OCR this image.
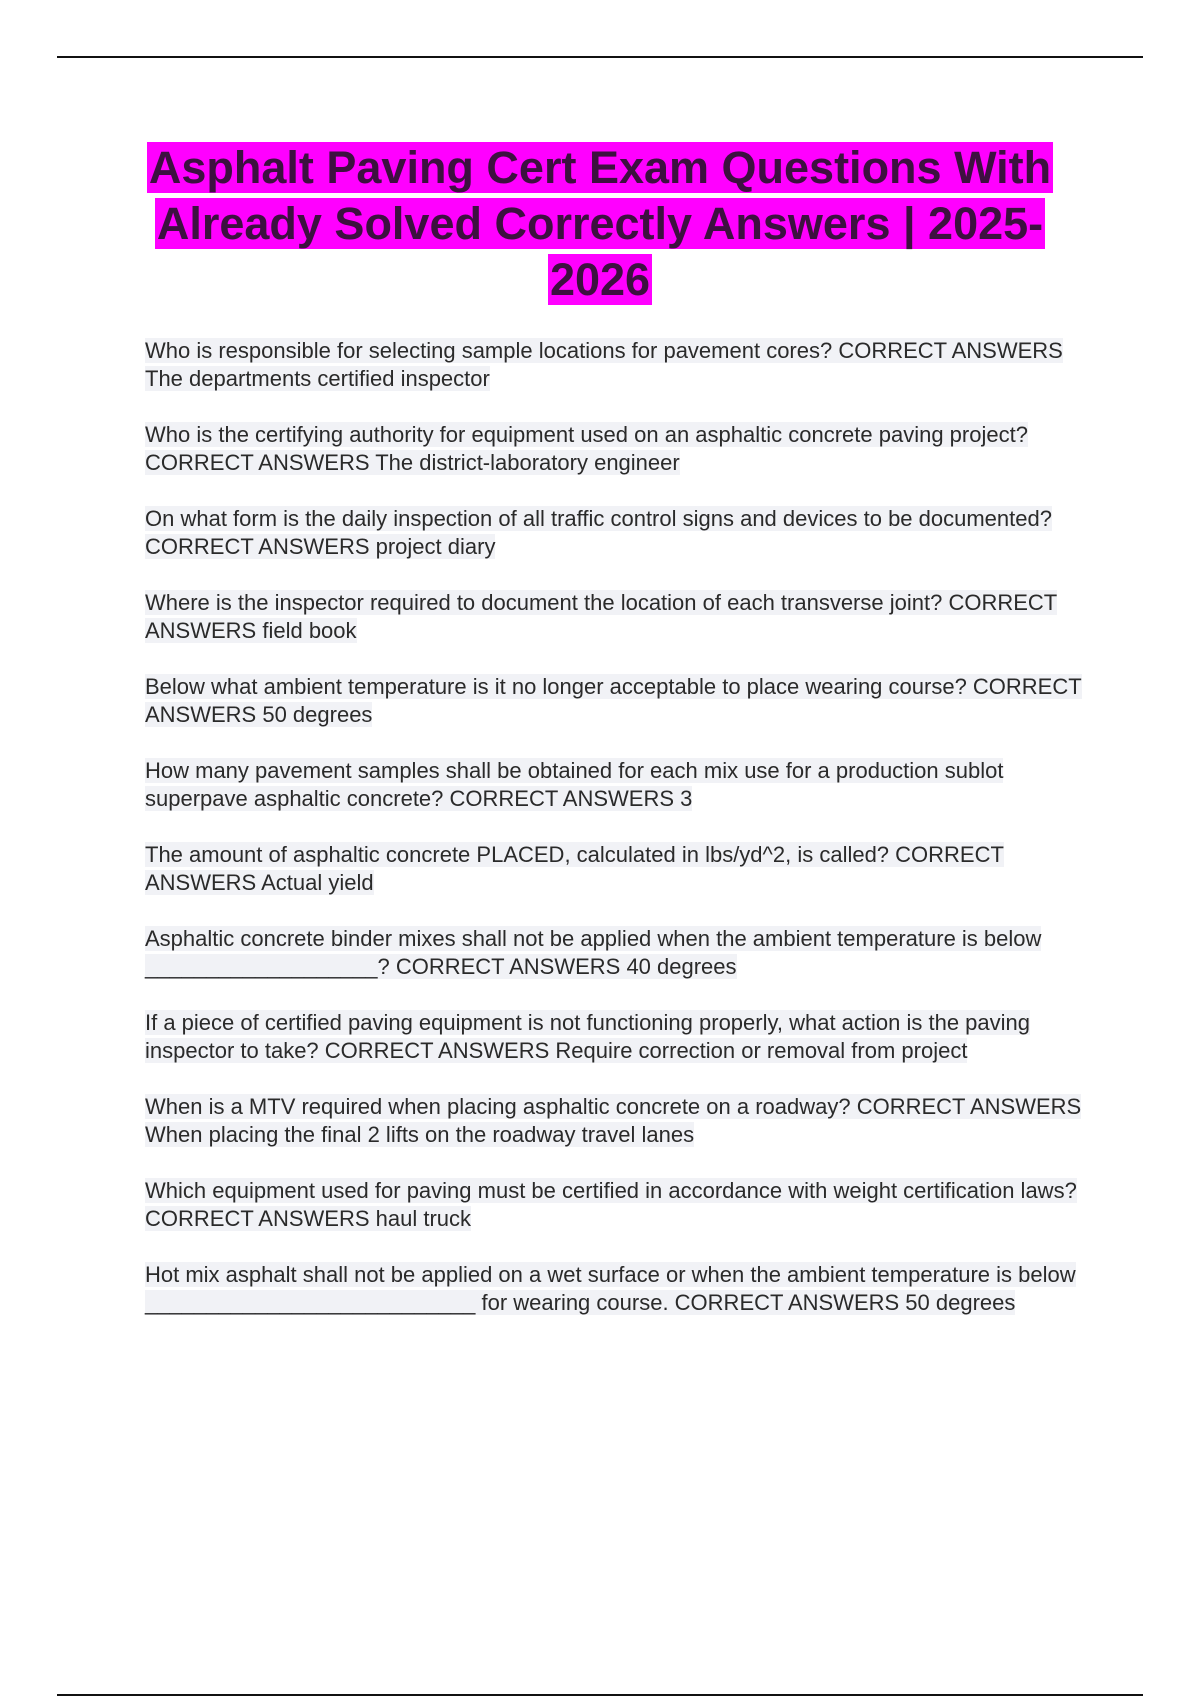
Asphalt Paving Cert Exam Questions With Already Solved Correctly Answers | 2025-2026

Who is responsible for selecting sample locations for pavement cores? CORRECT ANSWERS The departments certified inspector

Who is the certifying authority for equipment used on an asphaltic concrete paving project? CORRECT ANSWERS The district-laboratory engineer

On what form is the daily inspection of all traffic control signs and devices to be documented? CORRECT ANSWERS project diary

Where is the inspector required to document the location of each transverse joint? CORRECT ANSWERS field book

Below what ambient temperature is it no longer acceptable to place wearing course? CORRECT ANSWERS 50 degrees

How many pavement samples shall be obtained for each mix use for a production sublot superpave asphaltic concrete? CORRECT ANSWERS 3

The amount of asphaltic concrete PLACED, calculated in lbs/yd^2, is called? CORRECT ANSWERS Actual yield

Asphaltic concrete binder mixes shall not be applied when the ambient temperature is below ___________________? CORRECT ANSWERS 40 degrees

If a piece of certified paving equipment is not functioning properly, what action is the paving inspector to take? CORRECT ANSWERS Require correction or removal from project

When is a MTV required when placing asphaltic concrete on a roadway? CORRECT ANSWERS When placing the final 2 lifts on the roadway travel lanes

Which equipment used for paving must be certified in accordance with weight certification laws? CORRECT ANSWERS haul truck

Hot mix asphalt shall not be applied on a wet surface or when the ambient temperature is below ___________________________ for wearing course. CORRECT ANSWERS 50 degrees
